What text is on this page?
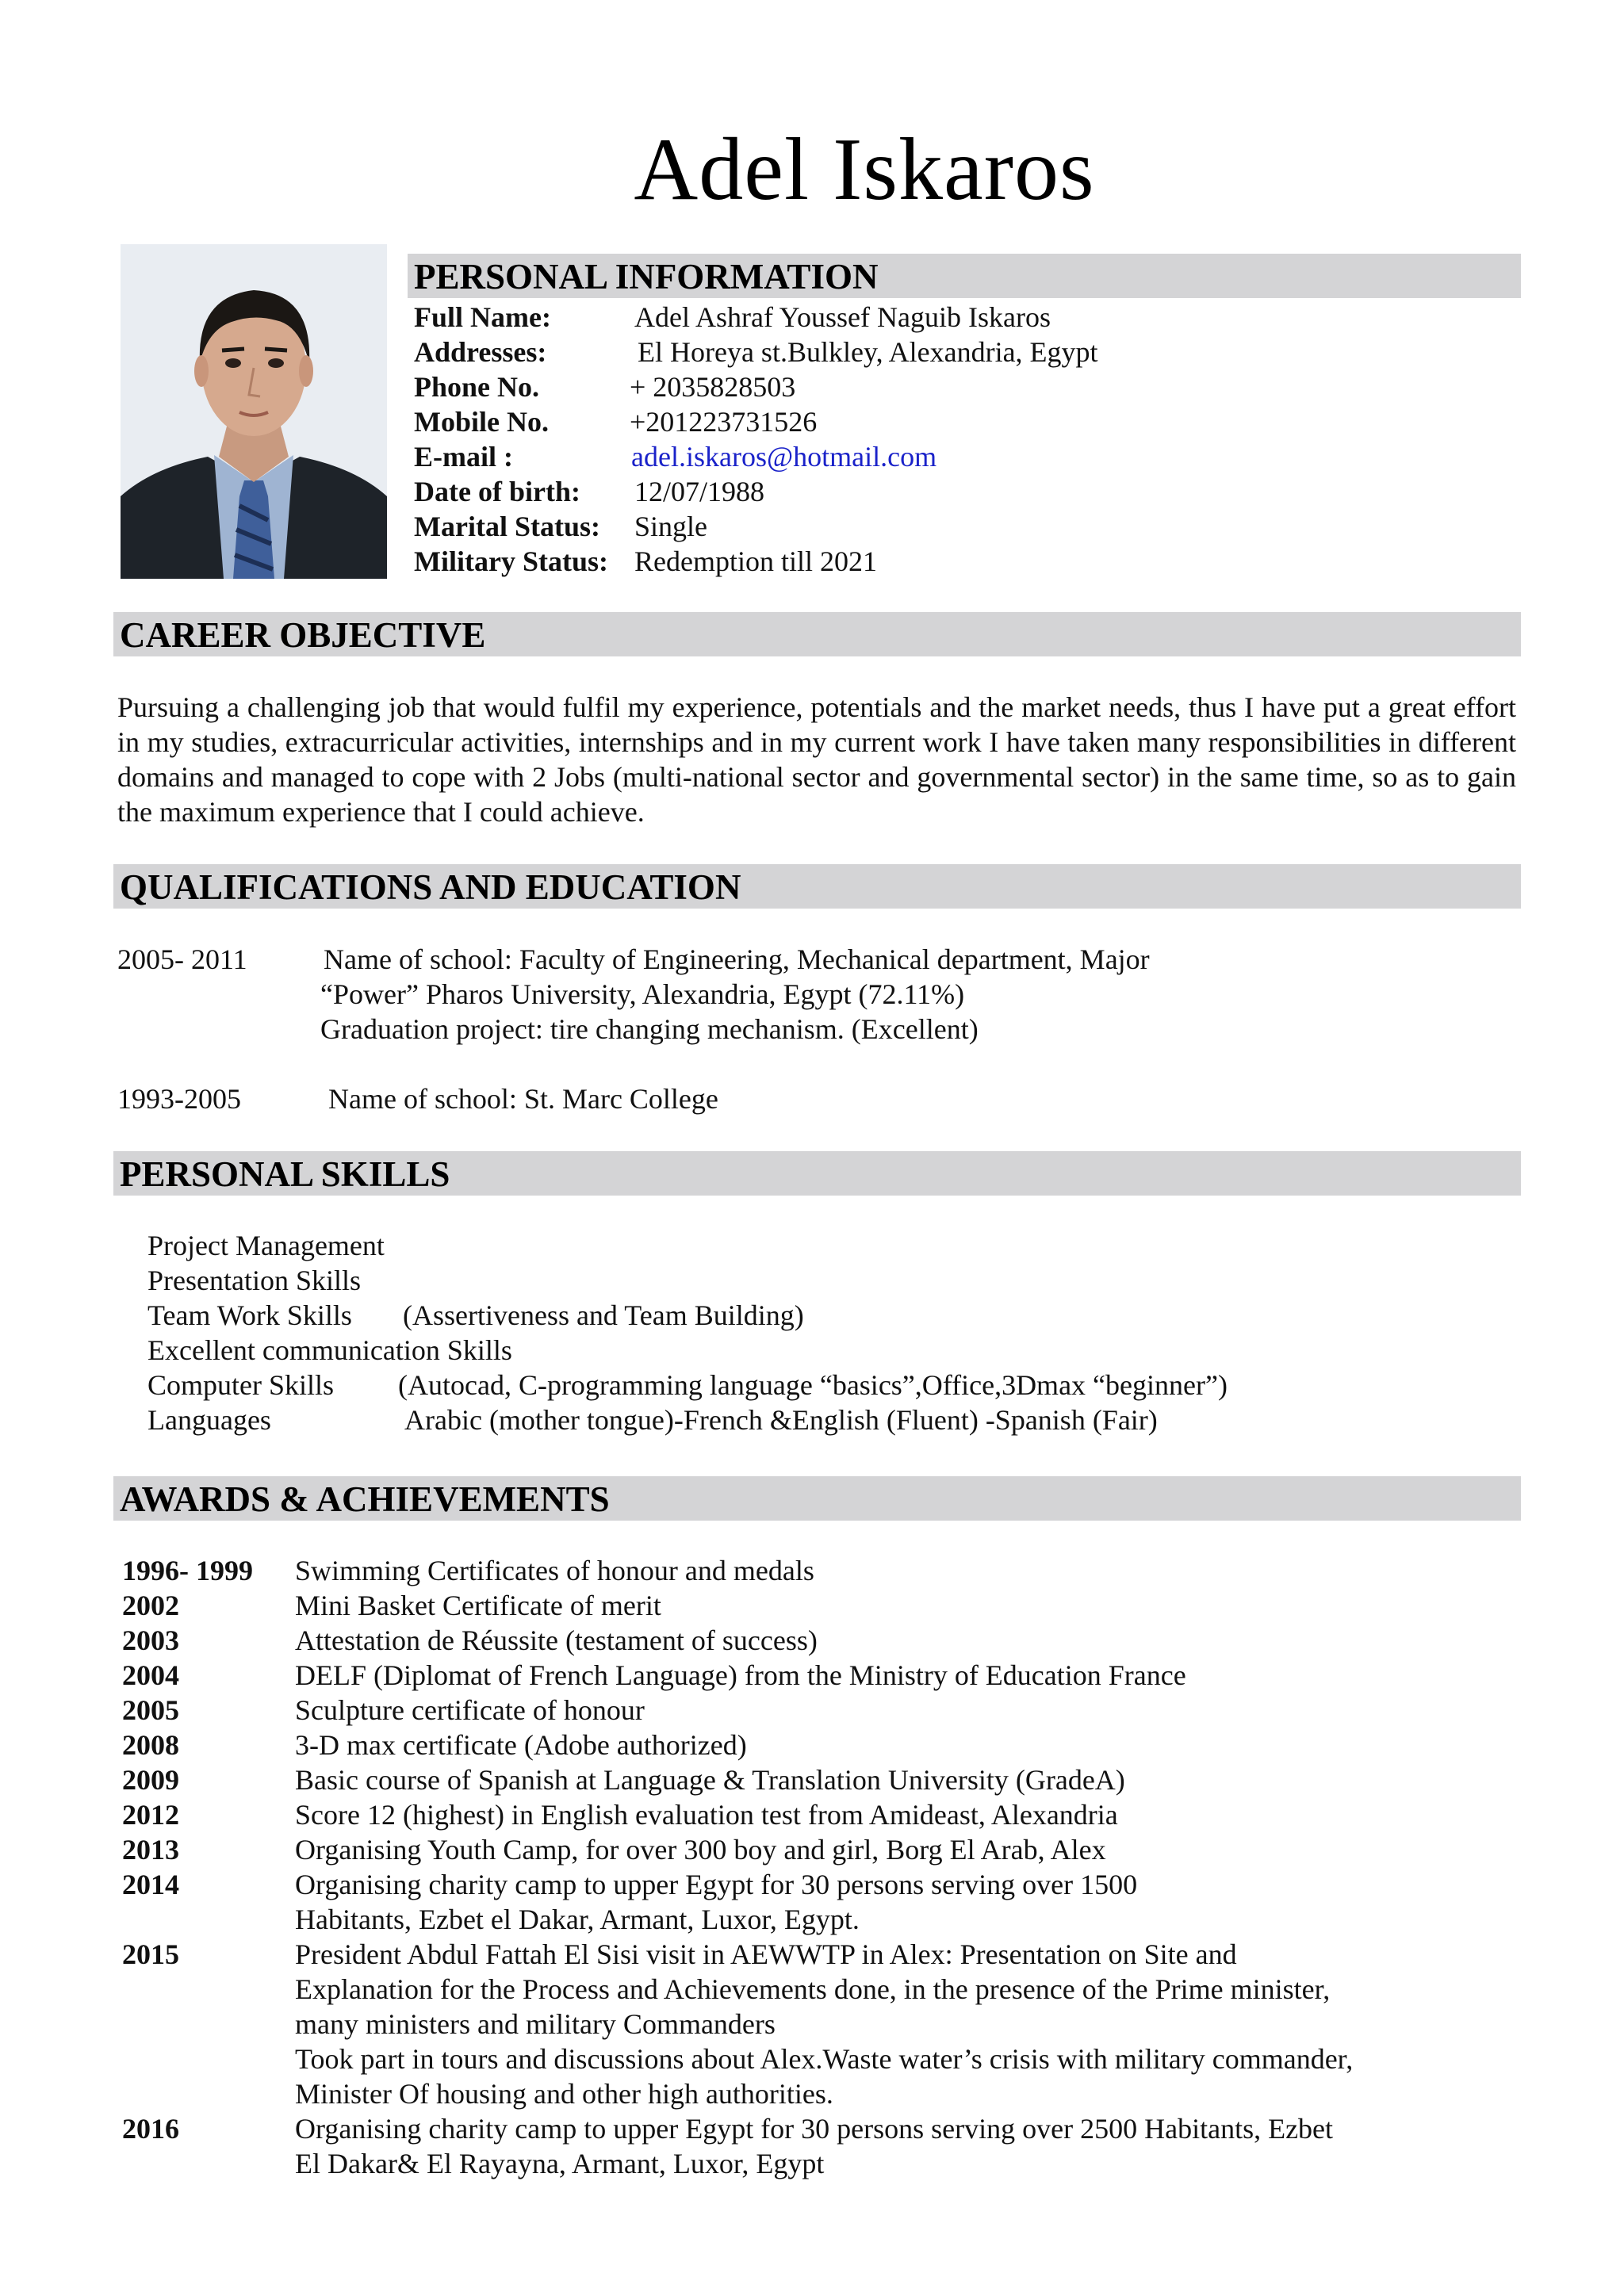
Adel Iskaros
PERSONAL INFORMATION
Full Name:	Adel Ashraf Youssef Naguib Iskaros
Addresses:	El Horeya st.Bulkley, Alexandria, Egypt
Phone No.	+ 2035828503
Mobile No.	+201223731526
E-mail :	adel.iskaros@hotmail.com
Date of birth: 12/07/1988
Marital Status: Single
Military Status: Redemption till 2021
CAREER OBJECTIVE
Pursuing a challenging job that would fulfil my experience, potentials and the market needs, thus I have put a great effort in my studies, extracurricular activities, internships and in my current work I have taken many responsibilities in different domains and managed to cope with 2 Jobs (multi-national sector and governmental sector) in the same time, so as to gain the maximum experience that I could achieve.
QUALIFICATIONS AND EDUCATION
2005- 2011	Name of school: Faculty of Engineering, Mechanical department, Major
“Power” Pharos University, Alexandria, Egypt (72.11%)
Graduation project: tire changing mechanism. (Excellent)
1993-2005	Name of school: St. Marc College
PERSONAL SKILLS
Project Management
Presentation Skills
Team Work Skills (Assertiveness and Team Building)
Excellent communication Skills
Computer Skills (Autocad, C-programming language “basics”,Office,3Dmax “beginner”)
Languages	Arabic (mother tongue)-French &English (Fluent) -Spanish (Fair)
AWARDS & ACHIEVEMENTS
1996- 1999	Swimming Certificates of honour and medals
2002	Mini Basket Certificate of merit
2003	Attestation de Réussite (testament of success)
2004	DELF (Diplomat of French Language) from the Ministry of Education France
2005	Sculpture certificate of honour
2008	3-D max certificate (Adobe authorized)
2009	Basic course of Spanish at Language & Translation University (GradeA)
2012	Score 12 (highest) in English evaluation test from Amideast, Alexandria
2013	Organising Youth Camp, for over 300 boy and girl, Borg El Arab, Alex
2014	Organising charity camp to upper Egypt for 30 persons serving over 1500
Habitants, Ezbet el Dakar, Armant, Luxor, Egypt.
2015	President Abdul Fattah El Sisi visit in AEWWTP in Alex: Presentation on Site and
Explanation for the Process and Achievements done, in the presence of the Prime minister,
many ministers and military Commanders
Took part in tours and discussions about Alex.Waste water’s crisis with military commander,
Minister Of housing and other high authorities.
2016	Organising charity camp to upper Egypt for 30 persons serving over 2500 Habitants, Ezbet
El Dakar& El Rayayna, Armant, Luxor, Egypt
